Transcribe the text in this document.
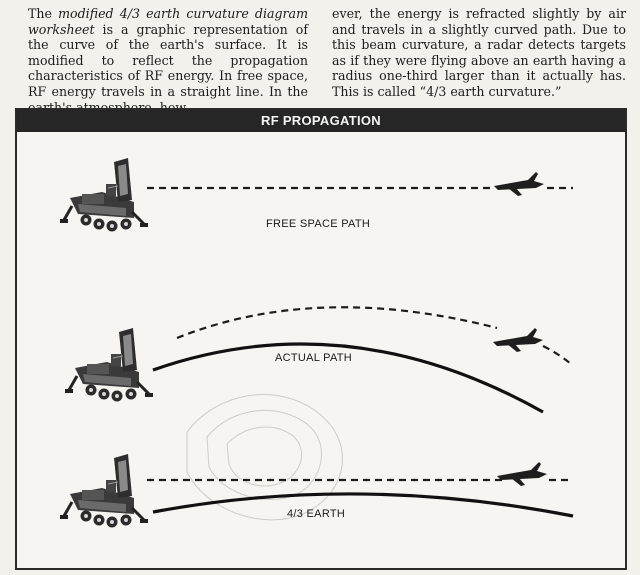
The modified 4/3 earth curvature diagram worksheet is a graphic representation of the curve of the earth's surface. It is modified to reflect the propagation characteristics of RF energy. In free space, RF energy travels in a straight line. In the

ever, the energy is refracted slightly by air and travels in a slightly curved path. Due to this beam curvature, a radar detects targets as if they were flying above an earth having a radius one-third larger than it actually has. This is called “4/3 earth curvature.”

RF PROPAGATION
FREE SPACE PATH
ACTUAL PATH
4/3 EARTH
